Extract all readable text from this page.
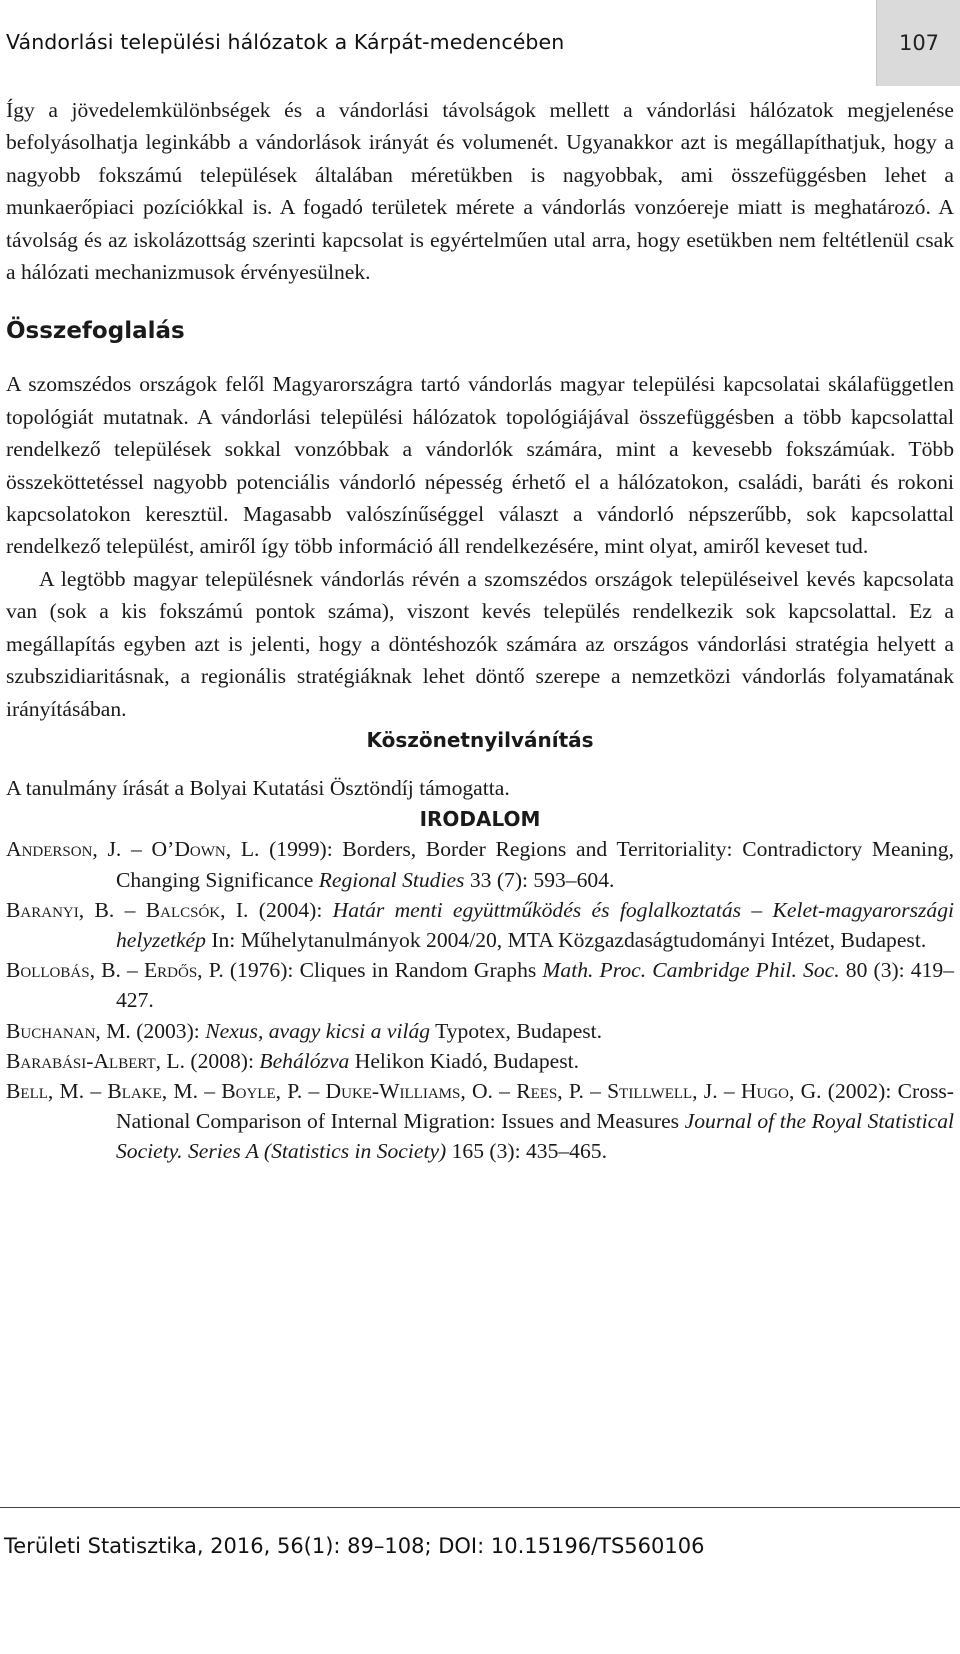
Vándorlási települési hálózatok a Kárpát-medencében	107

Így a jövedelemkülönbségek és a vándorlási távolságok mellett a vándorlási hálózatok megjelenése befolyásolhatja leginkább a vándorlások irányát és volumenét. Ugyanakkor azt is megállapíthatjuk, hogy a nagyobb fokszámú települések általában méretükben is nagyobbak, ami összefüggésben lehet a munkaerőpiaci pozíciókkal is. A fogadó területek mérete a vándorlás vonzóereje miatt is meghatározó. A távolság és az iskolázottság szerinti kapcsolat is egyértelműen utal arra, hogy esetükben nem feltétlenül csak a hálózati mechanizmusok érvényesülnek.

Összefoglalás

A szomszédos országok felől Magyarországra tartó vándorlás magyar települési kapcsolatai skálafüggetlen topológiát mutatnak. A vándorlási települési hálózatok topológiájával összefüggésben a több kapcsolattal rendelkező települések sokkal vonzóbbak a vándorlók számára, mint a kevesebb fokszámúak. Több összeköttetéssel nagyobb potenciális vándorló népesség érhető el a hálózatokon, családi, baráti és rokoni kapcsolatokon keresztül. Magasabb valószínűséggel választ a vándorló népszerűbb, sok kapcsolattal rendelkező települést, amiről így több információ áll rendelkezésére, mint olyat, amiről keveset tud.

A legtöbb magyar településnek vándorlás révén a szomszédos országok településeivel kevés kapcsolata van (sok a kis fokszámú pontok száma), viszont kevés település rendelkezik sok kapcsolattal. Ez a megállapítás egyben azt is jelenti, hogy a döntéshozók számára az országos vándorlási stratégia helyett a szubszidiaritásnak, a regionális stratégiáknak lehet döntő szerepe a nemzetközi vándorlás folyamatának irányításában.

Köszönetnyilvánítás

A tanulmány írását a Bolyai Kutatási Ösztöndíj támogatta.

IRODALOM
Anderson, J. – O’Down, L. (1999): Borders, Border Regions and Territoriality: Contradictory Meaning, Changing Significance Regional Studies 33 (7): 593–604.
Baranyi, B. – Balcsók, I. (2004): Határ menti együttműködés és foglalkoztatás – Kelet-magyarországi helyzetkép In: Műhelytanulmányok 2004/20, MTA Közgazdaságtudományi Intézet, Budapest.
Bollobás, B. – Erdős, P. (1976): Cliques in Random Graphs Math. Proc. Cambridge Phil. Soc. 80 (3): 419–427.
Buchanan, M. (2003): Nexus, avagy kicsi a világ Typotex, Budapest.
Barabási-Albert, L. (2008): Behálózva Helikon Kiadó, Budapest.
Bell, M. – Blake, M. – Boyle, P. – Duke-Williams, O. – Rees, P. – Stillwell, J. – Hugo, G. (2002): Cross-National Comparison of Internal Migration: Issues and Measures Journal of the Royal Statistical Society. Series A (Statistics in Society) 165 (3): 435–465.
Területi Statisztika, 2016, 56(1): 89–108; DOI: 10.15196/TS560106
